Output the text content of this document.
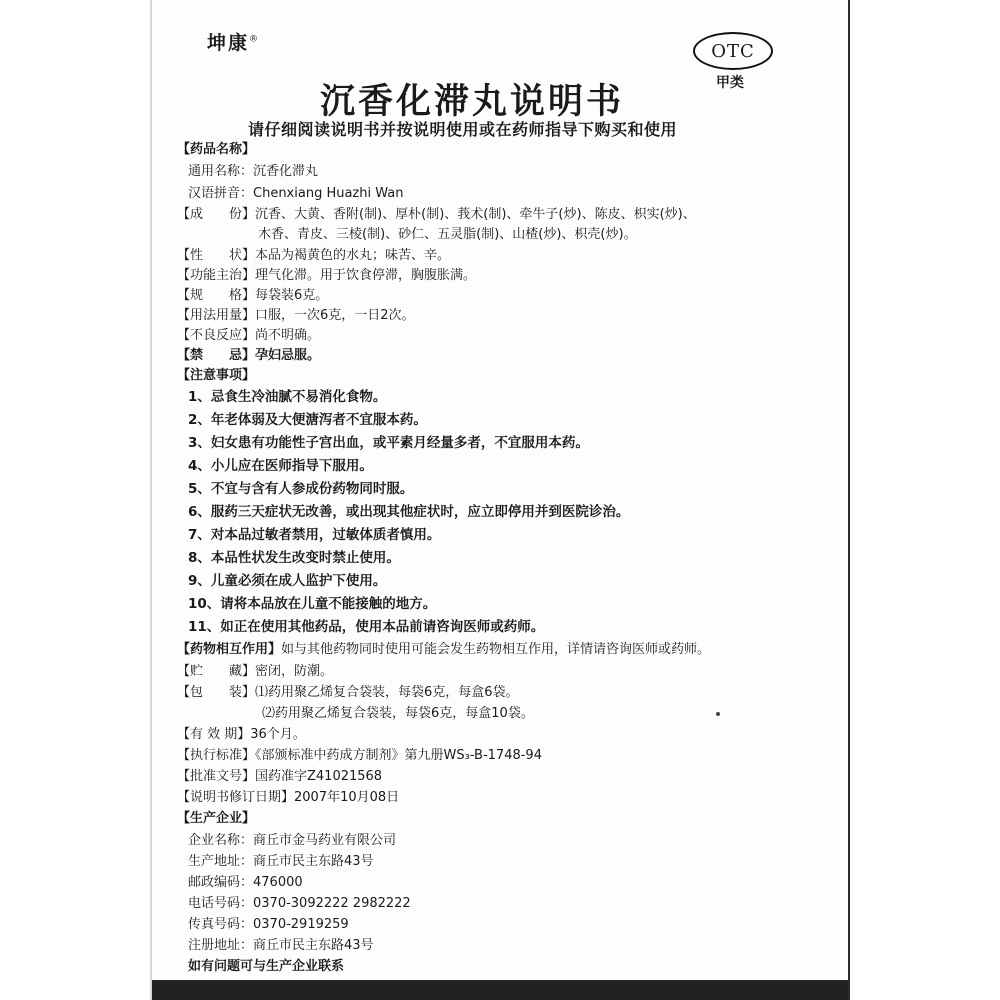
坤康®
OTC
甲类
沉香化滞丸说明书
请仔细阅读说明书并按说明使用或在药师指导下购买和使用
【药品名称】
通用名称：沉香化滞丸
汉语拼音：Chenxiang Huazhi Wan
【成　　份】沉香、大黄、香附(制)、厚朴(制)、莪术(制)、牵牛子(炒)、陈皮、枳实(炒)、
木香、青皮、三棱(制)、砂仁、五灵脂(制)、山楂(炒)、枳壳(炒)。
【性　　状】本品为褐黄色的水丸；味苦、辛。
【功能主治】理气化滞。用于饮食停滞，胸腹胀满。
【规　　格】每袋装6克。
【用法用量】口服，一次6克，一日2次。
【不良反应】尚不明确。
【禁　　忌】孕妇忌服。
【注意事项】
1、忌食生冷油腻不易消化食物。
2、年老体弱及大便溏泻者不宜服本药。
3、妇女患有功能性子宫出血，或平素月经量多者，不宜服用本药。
4、小儿应在医师指导下服用。
5、不宜与含有人参成份药物同时服。
6、服药三天症状无改善，或出现其他症状时，应立即停用并到医院诊治。
7、对本品过敏者禁用，过敏体质者慎用。
8、本品性状发生改变时禁止使用。
9、儿童必须在成人监护下使用。
10、请将本品放在儿童不能接触的地方。
11、如正在使用其他药品，使用本品前请咨询医师或药师。
【药物相互作用】如与其他药物同时使用可能会发生药物相互作用，详情请咨询医师或药师。
【贮　　藏】密闭，防潮。
【包　　装】⑴药用聚乙烯复合袋装，每袋6克，每盒6袋。
⑵药用聚乙烯复合袋装，每袋6克，每盒10袋。
【有 效 期】36个月。
【执行标准】《部颁标准中药成方制剂》第九册WS₃-B-1748-94
【批准文号】国药准字Z41021568
【说明书修订日期】2007年10月08日
【生产企业】
企业名称：商丘市金马药业有限公司
生产地址：商丘市民主东路43号
邮政编码：476000
电话号码：0370-3092222 2982222
传真号码：0370-2919259
注册地址：商丘市民主东路43号
如有问题可与生产企业联系
